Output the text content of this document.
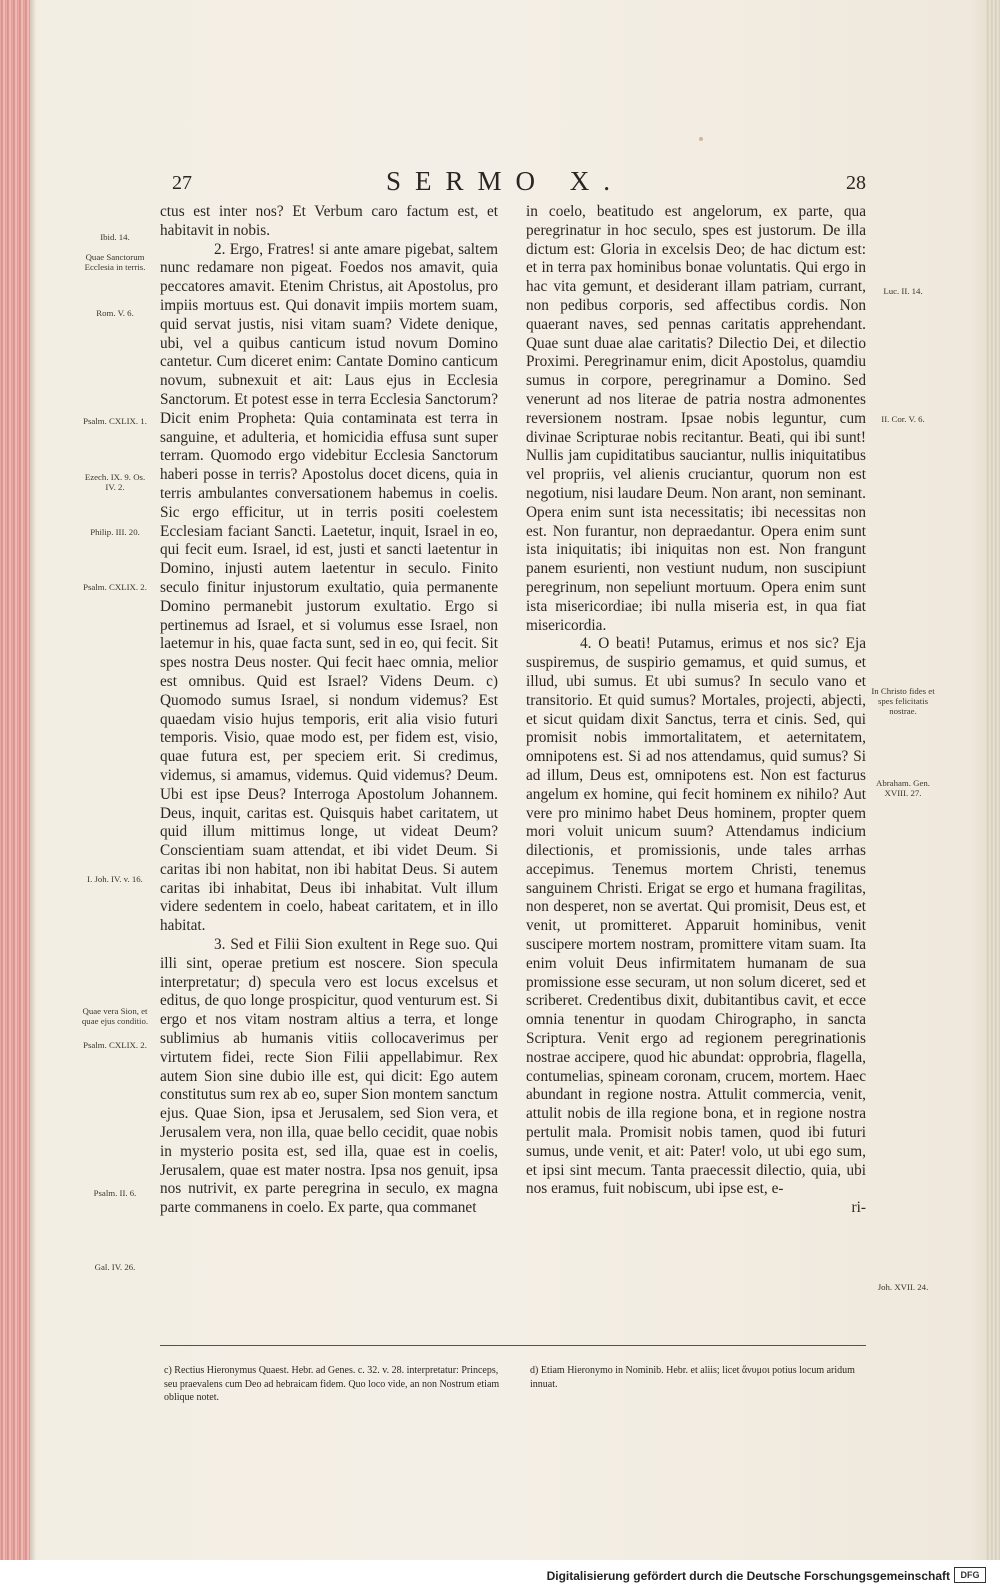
27	SERMO X.	28

ctus est inter nos? Et Verbum caro factum est, et habitavit in nobis.

2. Ergo, Fratres! si ante amare pigebat, saltem nunc redamare non pigeat. Foedos nos amavit, quia peccatores amavit. Etenim Christus, ait Apostolus, pro impiis mortuus est. Qui donavit impiis mortem suam, quid servat justis, nisi vitam suam? Videte denique, ubi, vel a quibus canticum istud novum Domino cantetur. Cum diceret enim: Cantate Domino canticum novum, subnexuit et ait: Laus ejus in Ecclesia Sanctorum. Et potest esse in terra Ecclesia Sanctorum? Dicit enim Propheta: Quia contaminata est terra in sanguine, et adulteria, et homicidia effusa sunt super terram. Quomodo ergo videbitur Ecclesia Sanctorum haberi posse in terris? Apostolus docet dicens, quia in terris ambulantes conversationem habemus in coelis. Sic ergo efficitur, ut in terris positi coelestem Ecclesiam faciant Sancti. Laetetur, inquit, Israel in eo, qui fecit eum. Israel, id est, justi et sancti laetentur in Domino, injusti autem laetentur in seculo. Finito seculo finitur injustorum exultatio, quia permanente Domino permanebit justorum exultatio. Ergo si pertinemus ad Israel, et si volumus esse Israel, non laetemur in his, quae facta sunt, sed in eo, qui fecit. Sit spes nostra Deus noster. Qui fecit haec omnia, melior est omnibus. Quid est Israel? Videns Deum. c) Quomodo sumus Israel, si nondum videmus? Est quaedam visio hujus temporis, erit alia visio futuri temporis. Visio, quae modo est, per fidem est, visio, quae futura est, per speciem erit. Si credimus, videmus, si amamus, videmus. Quid videmus? Deum. Ubi est ipse Deus? Interroga Apostolum Johannem. Deus, inquit, caritas est. Quisquis habet caritatem, ut quid illum mittimus longe, ut videat Deum? Conscientiam suam attendat, et ibi videt Deum. Si caritas ibi non habitat, non ibi habitat Deus. Si autem caritas ibi inhabitat, Deus ibi inhabitat. Vult illum videre sedentem in coelo, habeat caritatem, et in illo habitat.

3. Sed et Filii Sion exultent in Rege suo. Qui illi sint, operae pretium est noscere. Sion specula interpretatur; d) specula vero est locus excelsus et editus, de quo longe prospicitur, quod venturum est. Si ergo et nos vitam nostram altius a terra, et longe sublimius ab humanis vitiis collocaverimus per virtutem fidei, recte Sion Filii appellabimur. Rex autem Sion sine dubio ille est, qui dicit: Ego autem constitutus sum rex ab eo, super Sion montem sanctum ejus. Quae Sion, ipsa et Jerusalem, sed Sion vera, et Jerusalem vera, non illa, quae bello cecidit, quae nobis in mysterio posita est, sed illa, quae est in coelis, Jerusalem, quae est mater nostra. Ipsa nos genuit, ipsa nos nutrivit, ex parte peregrina in seculo, ex magna parte commanens in coelo. Ex parte, qua commanet

in coelo, beatitudo est angelorum, ex parte, qua peregrinatur in hoc seculo, spes est justorum. De illa dictum est: Gloria in excelsis Deo; de hac dictum est: et in terra pax hominibus bonae voluntatis. Qui ergo in hac vita gemunt, et desiderant illam patriam, currant, non pedibus corporis, sed affectibus cordis. Non quaerant naves, sed pennas caritatis apprehendant. Quae sunt duae alae caritatis? Dilectio Dei, et dilectio Proximi. Peregrinamur enim, dicit Apostolus, quamdiu sumus in corpore, peregrinamur a Domino. Sed venerunt ad nos literae de patria nostra admonentes reversionem nostram. Ipsae nobis leguntur, cum divinae Scripturae nobis recitantur. Beati, qui ibi sunt! Nullis jam cupiditatibus sauciantur, nullis iniquitatibus vel propriis, vel alienis cruciantur, quorum non est negotium, nisi laudare Deum. Non arant, non seminant. Opera enim sunt ista necessitatis; ibi necessitas non est. Non furantur, non depraedantur. Opera enim sunt ista iniquitatis; ibi iniquitas non est. Non frangunt panem esurienti, non vestiunt nudum, non suscipiunt peregrinum, non sepeliunt mortuum. Opera enim sunt ista misericordiae; ibi nulla miseria est, in qua fiat misericordia.

4. O beati! Putamus, erimus et nos sic? Eja suspiremus, de suspirio gemamus, et quid sumus, et illud, ubi sumus. Et ubi sumus? In seculo vano et transitorio. Et quid sumus? Mortales, projecti, abjecti, et sicut quidam dixit Sanctus, terra et cinis. Sed, qui promisit nobis immortalitatem, et aeternitatem, omnipotens est. Si ad nos attendamus, quid sumus? Si ad illum, Deus est, omnipotens est. Non est facturus angelum ex homine, qui fecit hominem ex nihilo? Aut vere pro minimo habet Deus hominem, propter quem mori voluit unicum suum? Attendamus indicium dilectionis, et promissionis, unde tales arrhas accepimus. Tenemus mortem Christi, tenemus sanguinem Christi. Erigat se ergo et humana fragilitas, non desperet, non se avertat. Qui promisit, Deus est, et venit, ut promitteret. Apparuit hominibus, venit suscipere mortem nostram, promittere vitam suam. Ita enim voluit Deus infirmitatem humanam de sua promissione esse securam, ut non solum diceret, sed et scriberet. Credentibus dixit, dubitantibus cavit, et ecce omnia tenentur in quodam Chirographo, in sancta Scriptura. Venit ergo ad regionem peregrinationis nostrae accipere, quod hic abundat: opprobria, flagella, contumelias, spineam coronam, crucem, mortem. Haec abundant in regione nostra. Attulit commercia, venit, attulit nobis de illa regione bona, et in regione nostra pertulit mala. Promisit nobis tamen, quod ibi futuri sumus, unde venit, et ait: Pater! volo, ut ubi ego sum, et ipsi sint mecum. Tanta praecessit dilectio, quia, ubi nos eramus, fuit nobiscum, ubi ipse est, e-

ri-

Ibid. 14.
Quae Sanctorum Ecclesia in terris.
Rom. V. 6.
Psalm. CXLIX. 1.
Ezech. IX. 9. Os. IV. 2.
Philip. III. 20.
Psalm. CXLIX. 2.
I. Joh. IV. v. 16.
Quae vera Sion, et quae ejus conditio.
Psalm. CXLIX. 2.
Psalm. II. 6.
Gal. IV. 26.
Luc. II. 14.
II. Cor. V. 6.
In Christo fides et spes felicitatis nostrae.
Abraham. Gen. XVIII. 27.
Joh. XVII. 24.
c) Rectius Hieronymus Quaest. Hebr. ad Genes. c. 32. v. 28. interpretatur: Princeps, seu praevalens cum Deo ad hebraicam fidem. Quo loco vide, an non Nostrum etiam oblique notet.
d) Etiam Hieronymo in Nominib. Hebr. et aliis; licet ἄνυμοι potius locum aridum innuat.
Digitalisierung gefördert durch die Deutsche Forschungsgemeinschaft	DFG
